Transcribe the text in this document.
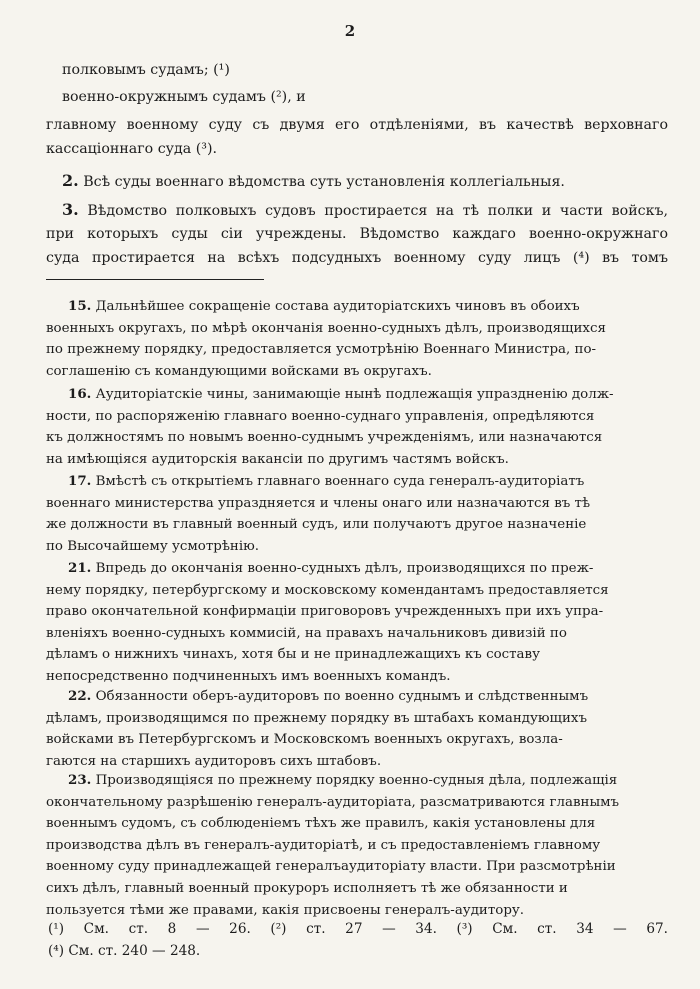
2

полковымъ судамъ; (¹)

военно-окружнымъ судамъ (²), и

главному военному суду съ двумя его отдѣленіями, въ качествѣ верховнаго

кассаціоннаго суда (³).

2. Всѣ суды военнаго вѣдомства суть установленія коллегіальныя.

3. Вѣдомство полковыхъ судовъ простирается на тѣ полки и части войскъ,

при которыхъ суды сіи учреждены. Вѣдомство каждаго военно-окружнаго

суда простирается на всѣхъ подсудныхъ военному суду лицъ (⁴) въ томъ

15. Дальнѣйшее сокращеніе состава аудиторіатскихъ чиновъ въ обоихъ

военныхъ округахъ, по мѣрѣ окончанія военно-судныхъ дѣлъ, производящихся

по прежнему порядку, предоставляется усмотрѣнію Военнаго Министра, по-

соглашенію съ командующими войсками въ округахъ.

16. Аудиторіатскіе чины, занимающіе нынѣ подлежащія упраздненію долж-

ности, по распоряженію главнаго военно-суднаго управленія, опредѣляются

къ должностямъ по новымъ военно-суднымъ учрежденіямъ, или назначаются

на имѣющіяся аудиторскія вакансіи по другимъ частямъ войскъ.

17. Вмѣстѣ съ открытіемъ главнаго военнаго суда генералъ-аудиторіатъ

военнаго министерства упраздняется и члены онаго или назначаются въ тѣ

же должности въ главный военный судъ, или получаютъ другое назначеніе

по Высочайшему усмотрѣнію.

21. Впредь до окончанія военно-судныхъ дѣлъ, производящихся по преж-

нему порядку, петербургскому и московскому комендантамъ предоставляется

право окончательной конфирмаціи приговоровъ учрежденныхъ при ихъ упра-

вленіяхъ военно-судныхъ коммисій, на правахъ начальниковъ дивизій по

дѣламъ о нижнихъ чинахъ, хотя бы и не принадлежащихъ къ составу

непосредственно подчиненныхъ имъ военныхъ командъ.

22. Обязанности оберъ-аудиторовъ по военно суднымъ и слѣдственнымъ

дѣламъ, производящимся по прежнему порядку въ штабахъ командующихъ

войсками въ Петербургскомъ и Московскомъ военныхъ округахъ, возла-

гаются на старшихъ аудиторовъ сихъ штабовъ.

23. Производящіяся по прежнему порядку военно-судныя дѣла, подлежащія

окончательному разрѣшенію генералъ-аудиторіата, разсматриваются главнымъ

военнымъ судомъ, съ соблюденіемъ тѣхъ же правилъ, какія установлены для

производства дѣлъ въ генералъ-аудиторіатѣ, и съ предоставленіемъ главному

военному суду принадлежащей генералъаудиторіату власти. При разсмотрѣніи

сихъ дѣлъ, главный военный прокуроръ исполняетъ тѣ же обязанности и

пользуется тѣми же правами, какія присвоены генералъ-аудитору.

(¹) См. ст. 8 — 26. (²) ст. 27 — 34. (³) См. ст. 34 — 67.
(⁴) См. ст. 240 — 248.
